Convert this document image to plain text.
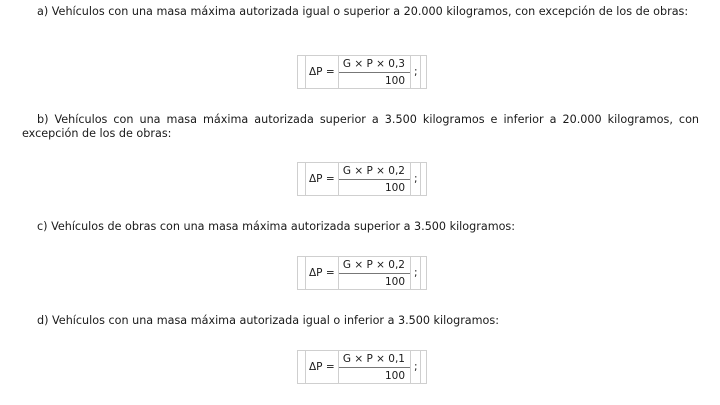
a) Vehículos con una masa máxima autorizada igual o superior a 20.000 kilogramos, con excepción de los de obras:

$\Delta P = \frac{G \times P \times 0,3}{100}$ ;

b) Vehículos con una masa máxima autorizada superior a 3.500 kilogramos e inferior a 20.000 kilogramos, con excepción de los de obras:

$\Delta P = \frac{G \times P \times 0,2}{100}$ ;

c) Vehículos de obras con una masa máxima autorizada superior a 3.500 kilogramos:

$\Delta P = \frac{G \times P \times 0,2}{100}$ ;

d) Vehículos con una masa máxima autorizada igual o inferior a 3.500 kilogramos:

$\Delta P = \frac{G \times P \times 0,1}{100}$ ;
